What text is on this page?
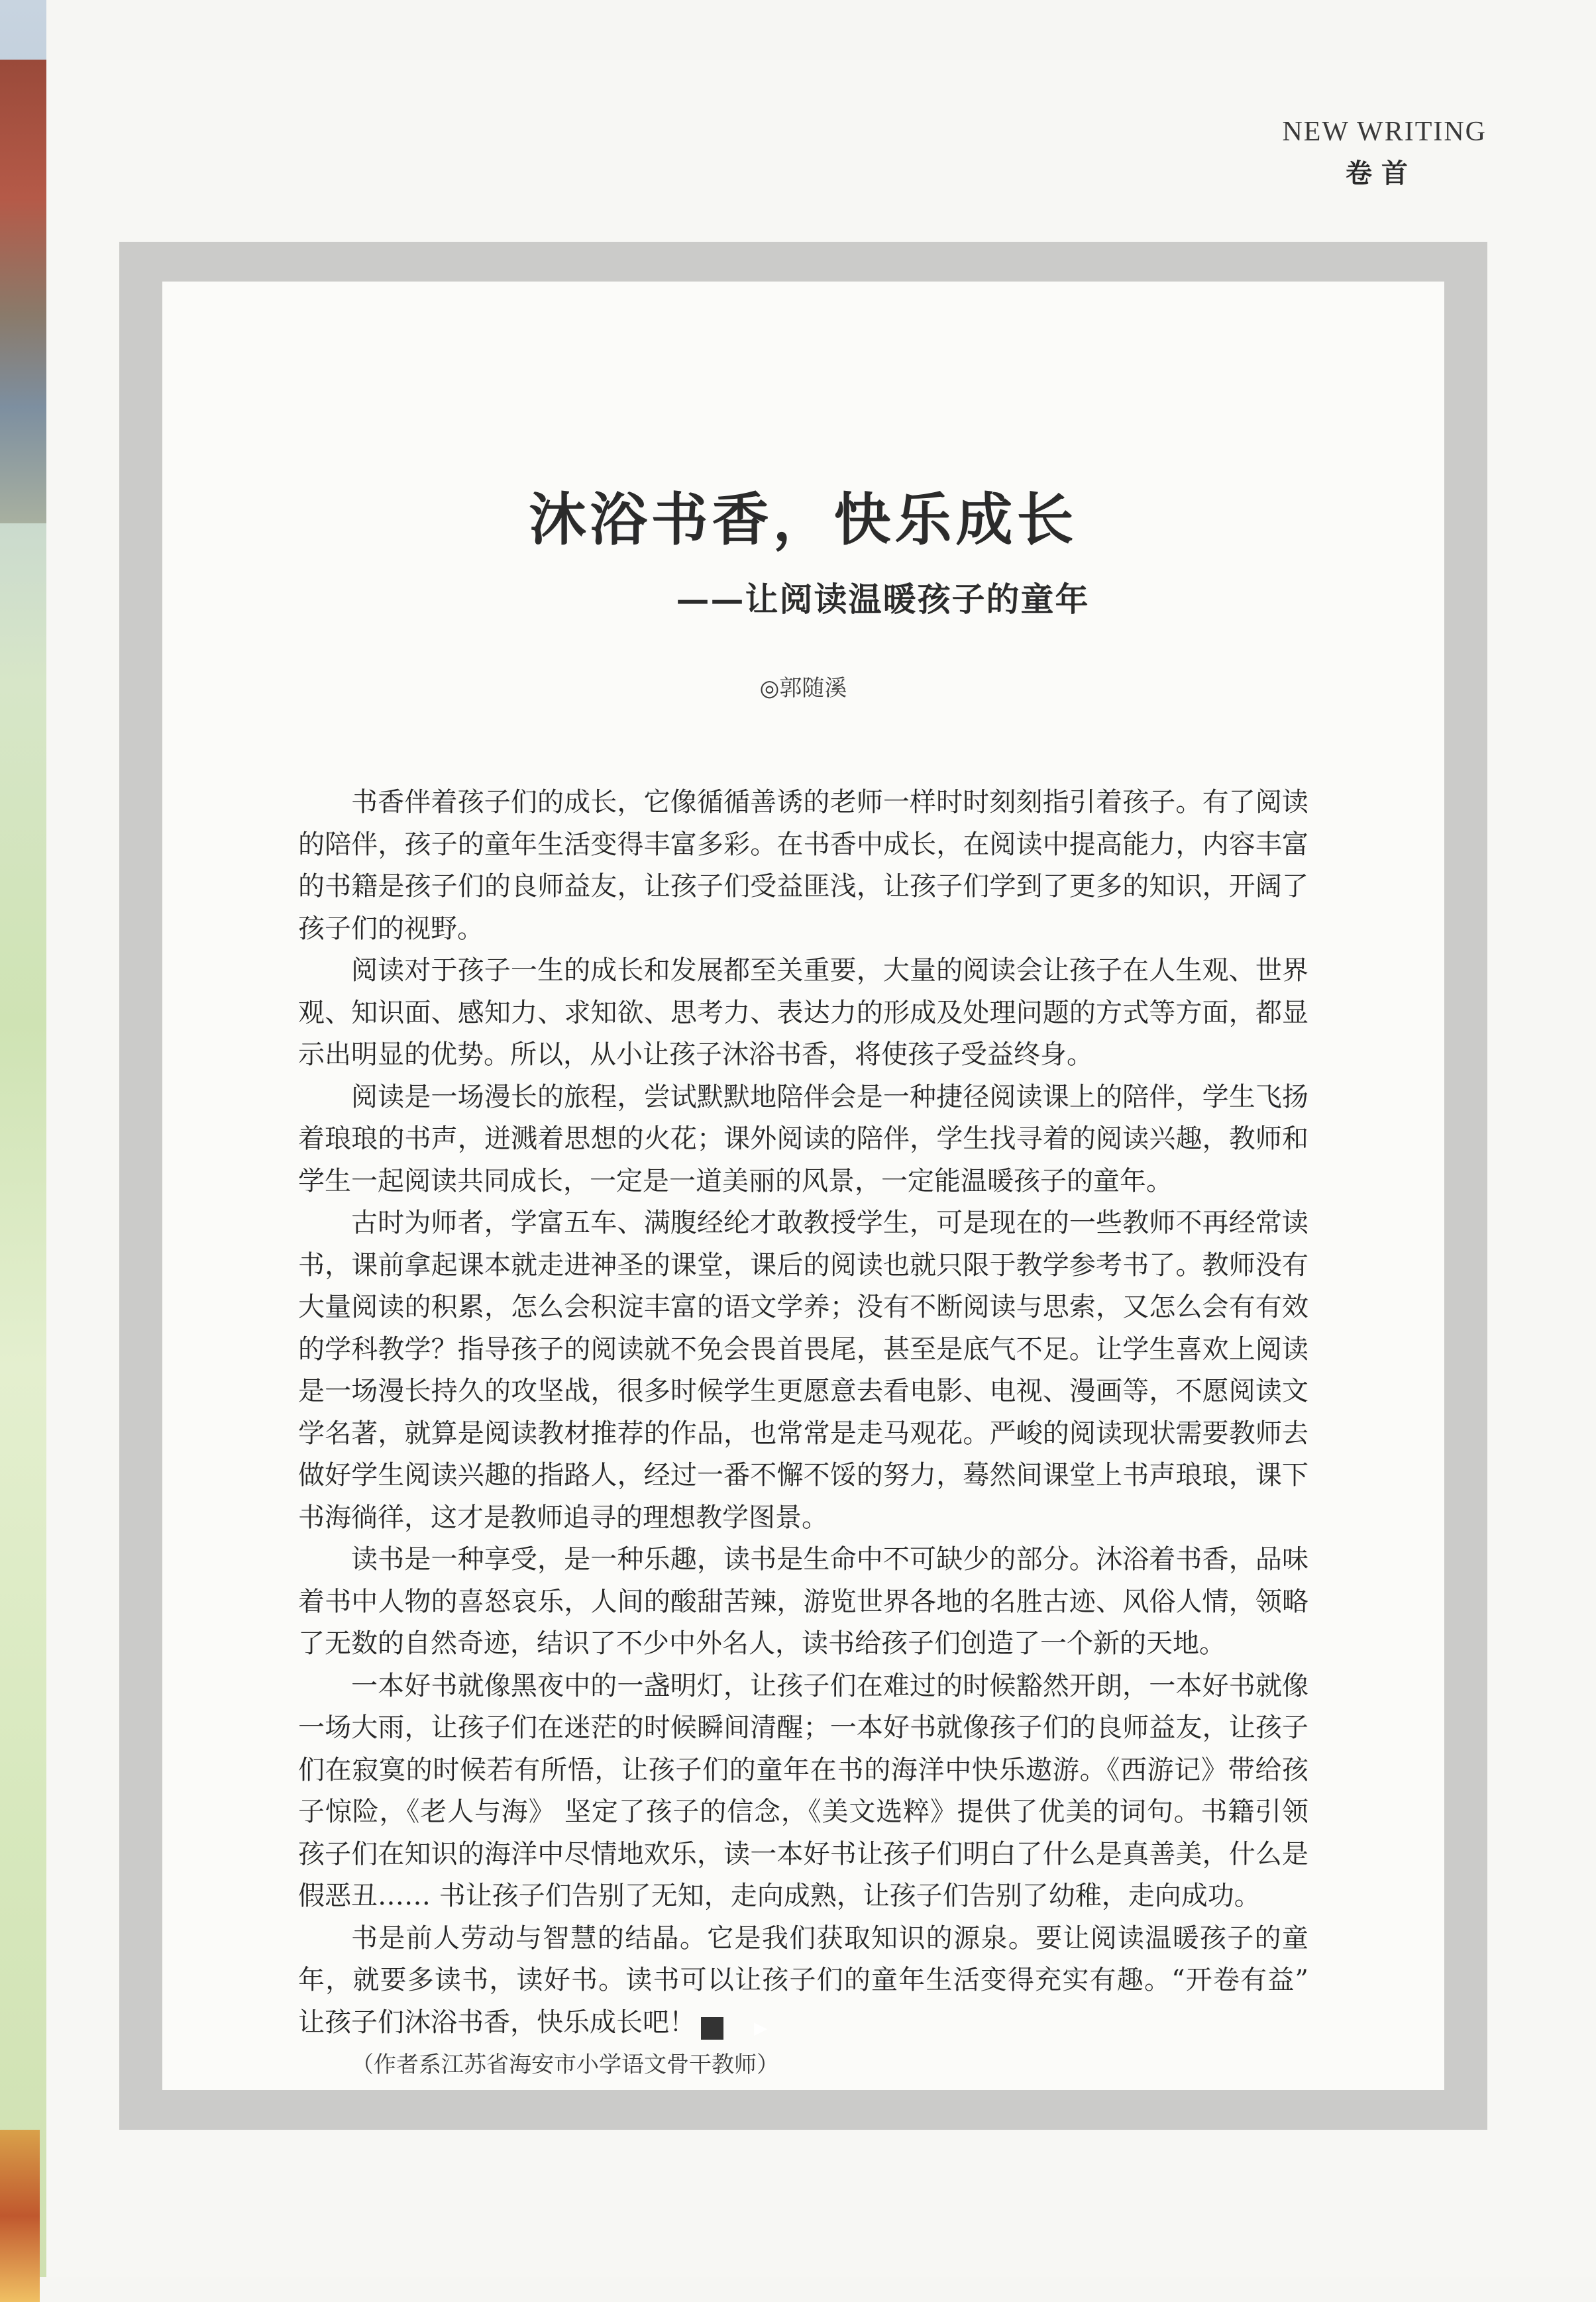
NEW WRITING
卷首
沐浴书香，快乐成长
——让阅读温暖孩子的童年
◎郭随溪

书香伴着孩子们的成长，它像循循善诱的老师一样时时刻刻指引着孩子。有了阅读的陪伴，孩子的童年生活变得丰富多彩。在书香中成长，在阅读中提高能力，内容丰富的书籍是孩子们的良师益友，让孩子们受益匪浅，让孩子们学到了更多的知识，开阔了孩子们的视野。

阅读对于孩子一生的成长和发展都至关重要，大量的阅读会让孩子在人生观、世界观、知识面、感知力、求知欲、思考力、表达力的形成及处理问题的方式等方面，都显示出明显的优势。所以，从小让孩子沐浴书香，将使孩子受益终身。

阅读是一场漫长的旅程，尝试默默地陪伴会是一种捷径阅读课上的陪伴，学生飞扬着琅琅的书声，迸溅着思想的火花；课外阅读的陪伴，学生找寻着的阅读兴趣，教师和学生一起阅读共同成长，一定是一道美丽的风景，一定能温暖孩子的童年。

古时为师者，学富五车、满腹经纶才敢教授学生，可是现在的一些教师不再经常读书，课前拿起课本就走进神圣的课堂，课后的阅读也就只限于教学参考书了。教师没有大量阅读的积累，怎么会积淀丰富的语文学养；没有不断阅读与思索，又怎么会有有效的学科教学？指导孩子的阅读就不免会畏首畏尾，甚至是底气不足。让学生喜欢上阅读是一场漫长持久的攻坚战，很多时候学生更愿意去看电影、电视、漫画等，不愿阅读文学名著，就算是阅读教材推荐的作品，也常常是走马观花。严峻的阅读现状需要教师去做好学生阅读兴趣的指路人，经过一番不懈不馁的努力，蓦然间课堂上书声琅琅，课下书海徜徉，这才是教师追寻的理想教学图景。

读书是一种享受，是一种乐趣，读书是生命中不可缺少的部分。沐浴着书香，品味着书中人物的喜怒哀乐，人间的酸甜苦辣，游览世界各地的名胜古迹、风俗人情，领略了无数的自然奇迹，结识了不少中外名人，读书给孩子们创造了一个新的天地。

一本好书就像黑夜中的一盏明灯，让孩子们在难过的时候豁然开朗，一本好书就像一场大雨，让孩子们在迷茫的时候瞬间清醒；一本好书就像孩子们的良师益友，让孩子们在寂寞的时候若有所悟，让孩子们的童年在书的海洋中快乐遨游。《西游记》带给孩子惊险，《老人与海》 坚定了孩子的信念，《美文选粹》提供了优美的词句。书籍引领孩子们在知识的海洋中尽情地欢乐，读一本好书让孩子们明白了什么是真善美，什么是假恶丑…… 书让孩子们告别了无知，走向成熟，让孩子们告别了幼稚，走向成功。

书是前人劳动与智慧的结晶。它是我们获取知识的源泉。要让阅读温暖孩子的童年，就要多读书，读好书。读书可以让孩子们的童年生活变得充实有趣。“开卷有益” 让孩子们沐浴书香，快乐成长吧！	▶

（作者系江苏省海安市小学语文骨干教师）
